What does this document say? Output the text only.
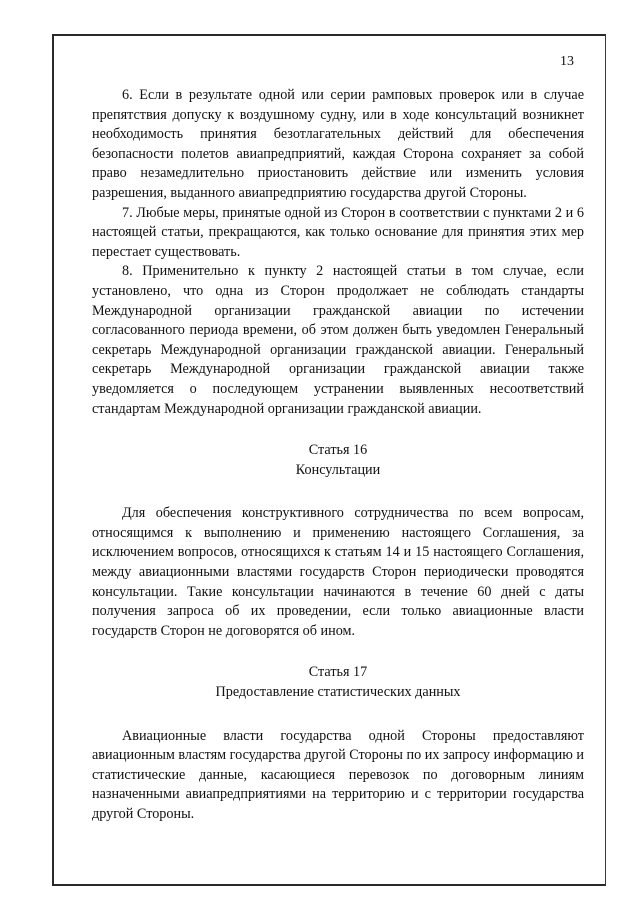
13

6. Если в результате одной или серии рамповых проверок или в случае препятствия допуску к воздушному судну, или в ходе консультаций возникнет необходимость принятия безотлагательных действий для обеспечения безопасности полетов авиапредприятий, каждая Сторона сохраняет за собой право незамедлительно приостановить действие или изменить условия разрешения, выданного авиапредприятию государства другой Стороны.

7. Любые меры, принятые одной из Сторон в соответствии с пунктами 2 и 6 настоящей статьи, прекращаются, как только основание для принятия этих мер перестает существовать.

8. Применительно к пункту 2 настоящей статьи в том случае, если установлено, что одна из Сторон продолжает не соблюдать стандарты Международной организации гражданской авиации по истечении согласованного периода времени, об этом должен быть уведомлен Генеральный секретарь Международной организации гражданской авиации. Генеральный секретарь Международной организации гражданской авиации также уведомляется о последующем устранении выявленных несоответствий стандартам Международной организации гражданской авиации.

Статья 16

Консультации

Для обеспечения конструктивного сотрудничества по всем вопросам, относящимся к выполнению и применению настоящего Соглашения, за исключением вопросов, относящихся к статьям 14 и 15 настоящего Соглашения, между авиационными властями государств Сторон периодически проводятся консультации. Такие консультации начинаются в течение 60 дней с даты получения запроса об их проведении, если только авиационные власти государств Сторон не договорятся об ином.

Статья 17

Предоставление статистических данных

Авиационные власти государства одной Стороны предоставляют авиационным властям государства другой Стороны по их запросу информацию и статистические данные, касающиеся перевозок по договорным линиям назначенными авиапредприятиями на территорию и с территории государства другой Стороны.
